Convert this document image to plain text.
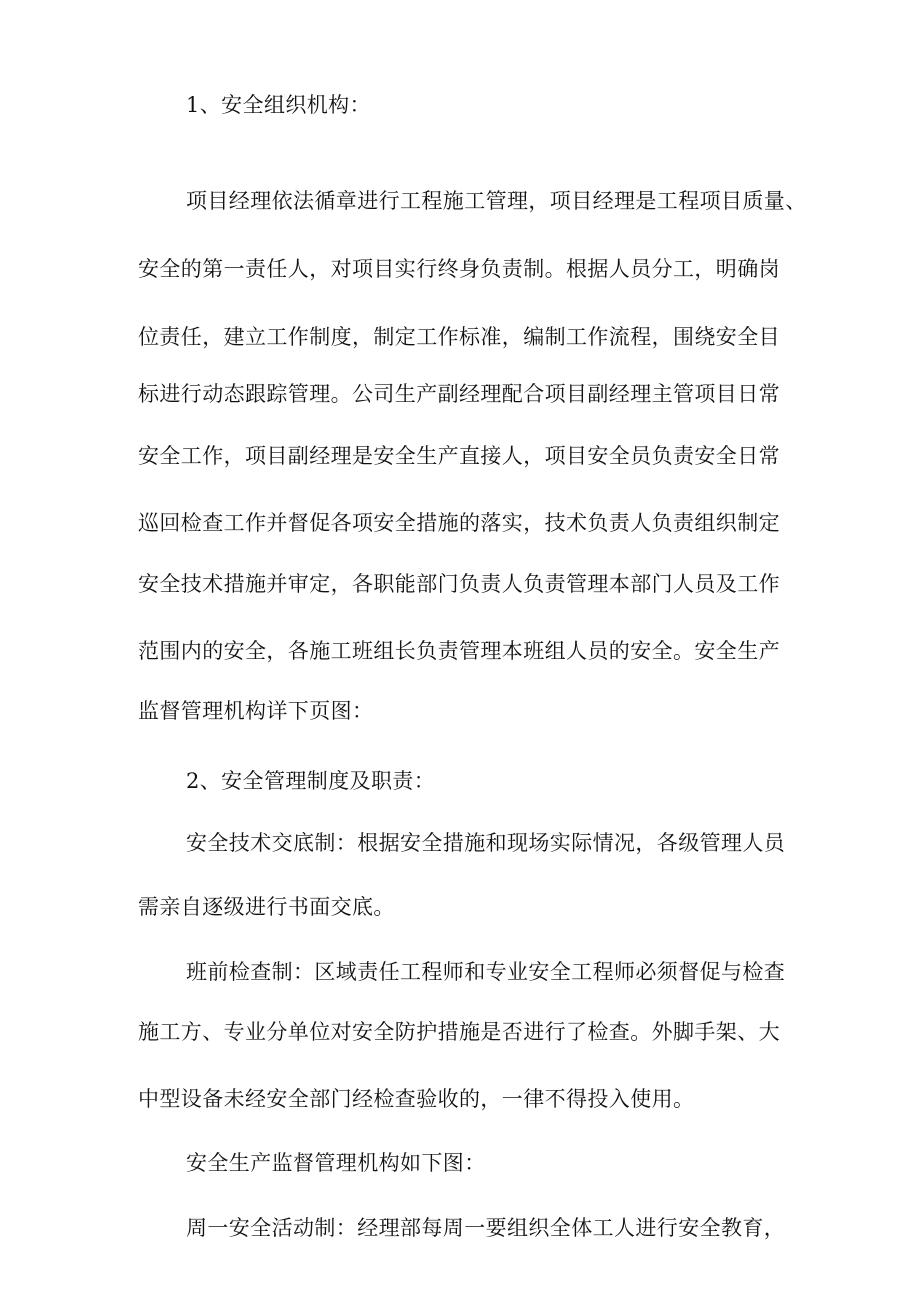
1、安全组织机构：
项目经理依法循章进行工程施工管理，项目经理是工程项目质量、
安全的第一责任人，对项目实行终身负责制。根据人员分工，明确岗
位责任，建立工作制度，制定工作标准，编制工作流程，围绕安全目
标进行动态跟踪管理。公司生产副经理配合项目副经理主管项目日常
安全工作，项目副经理是安全生产直接人，项目安全员负责安全日常
巡回检查工作并督促各项安全措施的落实，技术负责人负责组织制定
安全技术措施并审定，各职能部门负责人负责管理本部门人员及工作
范围内的安全，各施工班组长负责管理本班组人员的安全。安全生产
监督管理机构详下页图：
2、安全管理制度及职责：
安全技术交底制：根据安全措施和现场实际情况，各级管理人员
需亲自逐级进行书面交底。
班前检查制：区域责任工程师和专业安全工程师必须督促与检查
施工方、专业分单位对安全防护措施是否进行了检查。外脚手架、大
中型设备未经安全部门经检查验收的，一律不得投入使用。
安全生产监督管理机构如下图：
周一安全活动制：经理部每周一要组织全体工人进行安全教育，
